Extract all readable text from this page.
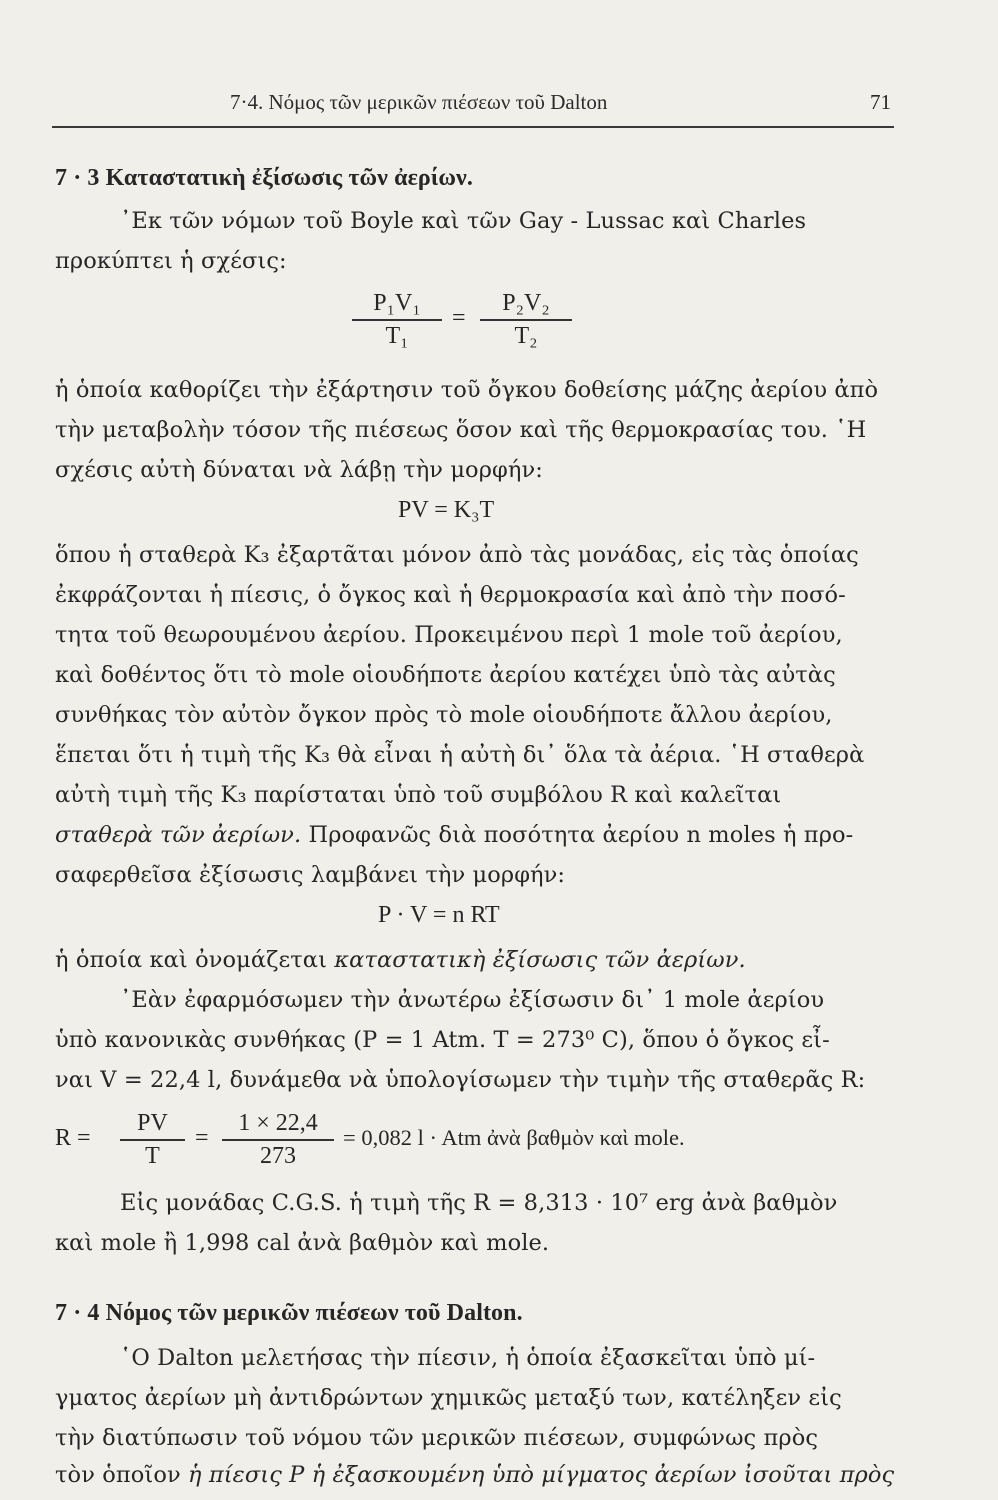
7·4. Νόμος τῶν μερικῶν πιέσεων τοῦ Dalton	71
7 · 3 Καταστατικὴ ἐξίσωσις τῶν ἀερίων.
᾿Εκ τῶν νόμων τοῦ Boyle καὶ τῶν Gay - Lussac καὶ Charles
προκύπτει ἡ σχέσις:
P₁V₁
T₁
=
P₂V₂
T₂
ἡ ὁποία καθορίζει τὴν ἐξάρτησιν τοῦ ὄγκου δοθείσης μάζης ἀερίου ἀπὸ
τὴν μεταβολὴν τόσον τῆς πιέσεως ὅσον καὶ τῆς θερμοκρασίας του. ῾Η
σχέσις αὐτὴ δύναται νὰ λάβῃ τὴν μορφήν:
PV = K₃T
ὅπου ἡ σταθερὰ K₃ ἐξαρτᾶται μόνον ἀπὸ τὰς μονάδας, εἰς τὰς ὁποίας
ἐκφράζονται ἡ πίεσις, ὁ ὄγκος καὶ ἡ θερμοκρασία καὶ ἀπὸ τὴν ποσό-
τητα τοῦ θεωρουμένου ἀερίου. Προκειμένου περὶ 1 mole τοῦ ἀερίου,
καὶ δοθέντος ὅτι τὸ mole οἱουδήποτε ἀερίου κατέχει ὑπὸ τὰς αὐτὰς
συνθήκας τὸν αὐτὸν ὄγκον πρὸς τὸ mole οἱουδήποτε ἄλλου ἀερίου,
ἕπεται ὅτι ἡ τιμὴ τῆς K₃ θὰ εἶναι ἡ αὐτὴ δι᾿ ὅλα τὰ ἀέρια. ῾Η σταθερὰ
αὐτὴ τιμὴ τῆς K₃ παρίσταται ὑπὸ τοῦ συμβόλου R καὶ καλεῖται
σταθερὰ τῶν ἀερίων. Προφανῶς διὰ ποσότητα ἀερίου n moles ἡ προ-
σαφερθεῖσα ἐξίσωσις λαμβάνει τὴν μορφήν:
P · V = n RT
ἡ ὁποία καὶ ὀνομάζεται καταστατικὴ ἐξίσωσις τῶν ἀερίων.
᾿Εὰν ἐφαρμόσωμεν τὴν ἀνωτέρω ἐξίσωσιν δι᾿ 1 mole ἀερίου
ὑπὸ κανονικὰς συνθήκας (P = 1 Atm. T = 273⁰ C), ὅπου ὁ ὄγκος εἶ-
ναι V = 22,4 l, δυνάμεθα νὰ ὑπολογίσωμεν τὴν τιμὴν τῆς σταθερᾶς R:
R =
PV
T
=
1 × 22,4
273
= 0,082 l · Atm ἀνὰ βαθμὸν καὶ mole.
Εἰς μονάδας C.G.S. ἡ τιμὴ τῆς R = 8,313 · 10⁷ erg ἀνὰ βαθμὸν
καὶ mole ἢ 1,998 cal ἀνὰ βαθμὸν καὶ mole.
7 · 4 Νόμος τῶν μερικῶν πιέσεων τοῦ Dalton.
῾Ο Dalton μελετήσας τὴν πίεσιν, ἡ ὁποία ἐξασκεῖται ὑπὸ μί-
γματος ἀερίων μὴ ἀντιδρώντων χημικῶς μεταξύ των, κατέληξεν εἰς
τὴν διατύπωσιν τοῦ νόμου τῶν μερικῶν πιέσεων, συμφώνως πρὸς
τὸν ὁποῖον ἡ πίεσις P ἡ ἐξασκουμένη ὑπὸ μίγματος ἀερίων ἰσοῦται πρὸς
